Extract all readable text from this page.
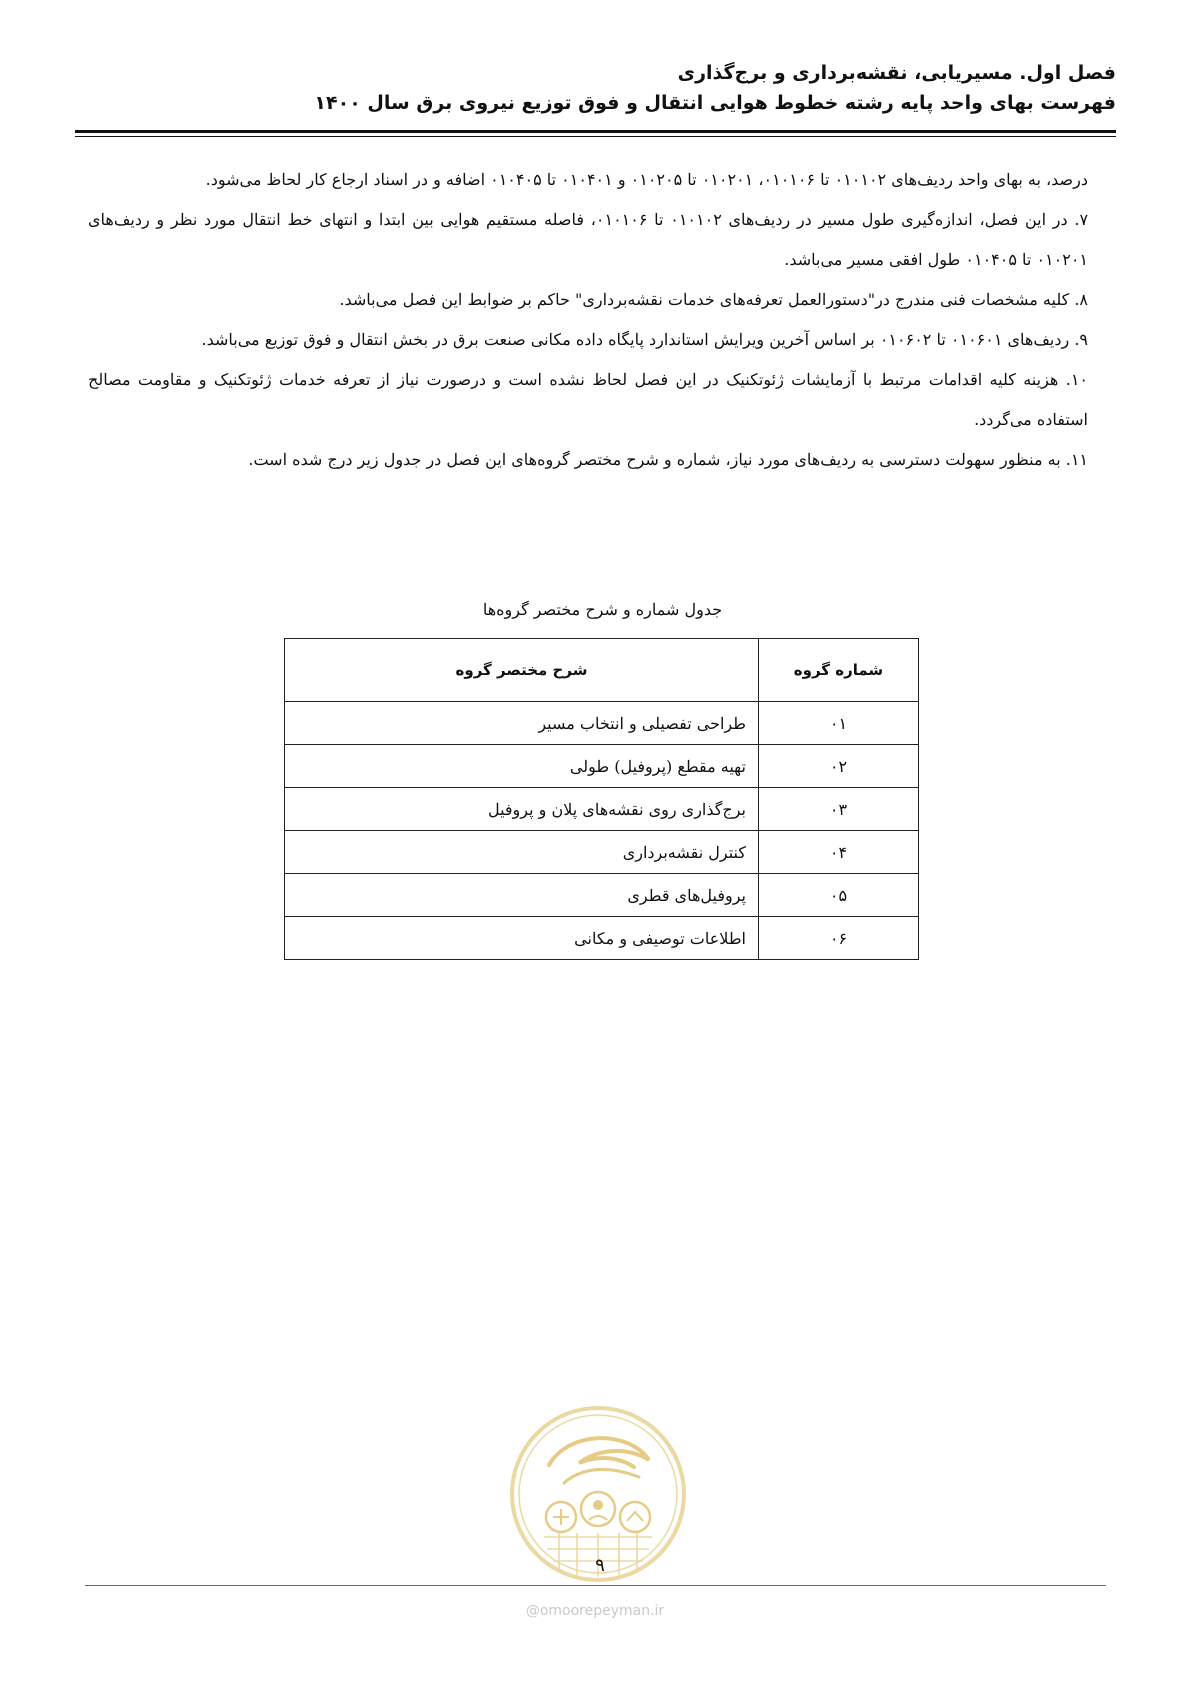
فصل اول. مسیریابی، نقشه‌برداری و برج‌گذاری
فهرست بهای واحد پایه رشته خطوط هوایی انتقال و فوق توزیع نیروی برق سال ۱۴۰۰

درصد، به بهای واحد ردیف‌های ۰۱۰۱۰۲ تا ۰۱۰۱۰۶، ۰۱۰۲۰۱ تا ۰۱۰۲۰۵ و ۰۱۰۴۰۱ تا ۰۱۰۴۰۵ اضافه و در اسناد ارجاع کار لحاظ می‌شود.

۷. در این فصل، اندازه‌گیری طول مسیر در ردیف‌های ۰۱۰۱۰۲ تا ۰۱۰۱۰۶، فاصله مستقیم هوایی بین ابتدا و انتهای خط انتقال مورد نظر و ردیف‌های ۰۱۰۲۰۱ تا ۰۱۰۴۰۵ طول افقی مسیر می‌باشد.

۸. کلیه مشخصات فنی مندرج در"دستورالعمل تعرفه‌های خدمات نقشه‌برداری" حاکم بر ضوابط این فصل می‌باشد.

۹. ردیف‌های ۰۱۰۶۰۱ تا ۰۱۰۶۰۲ بر اساس آخرین ویرایش استاندارد پایگاه داده مکانی صنعت برق در بخش انتقال و فوق توزیع می‌باشد.

۱۰. هزینه کلیه اقدامات مرتبط با آزمایشات ژئوتکنیک در این فصل لحاظ نشده است و درصورت نیاز از تعرفه خدمات ژئوتکنیک و مقاومت مصالح استفاده می‌گردد.

۱۱. به منظور سهولت دسترسی به ردیف‌های مورد نیاز، شماره و شرح مختصر گروه‌های این فصل در جدول زیر درج شده است.

جدول شماره و شرح مختصر گروه‌ها
شماره گروه	شرح مختصر گروه
۰۱	طراحی تفصیلی و انتخاب مسیر
۰۲	تهیه مقطع (پروفیل) طولی
۰۳	برج‌گذاری روی نقشه‌های پلان و پروفیل
۰۴	کنترل نقشه‌برداری
۰۵	پروفیل‌های قطری
۰۶	اطلاعات توصیفی و مکانی
۹
@omoorepeyman.ir
